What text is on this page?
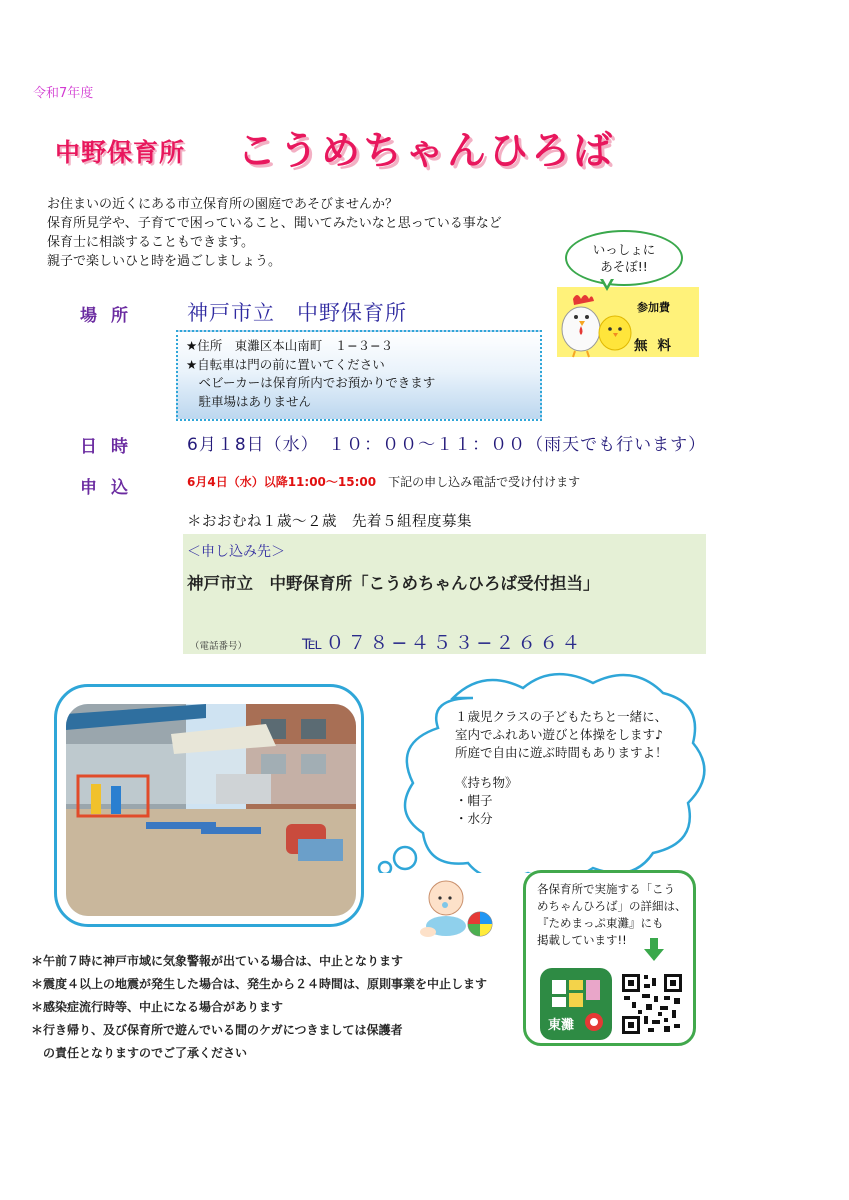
令和7年度
中野保育所 こうめちゃんひろば
お住まいの近くにある市立保育所の園庭であそびませんか？
保育所見学や、子育てで困っていること、聞いてみたいなと思っている事など
保育士に相談することもできます。
親子で楽しいひと時を過ごしましょう。
いっしょに
あそぼ!!
参加費
無料
場所 神戸市立　中野保育所
★住所　東灘区本山南町　１−３−３
★自転車は門の前に置いてください
　ベビーカーは保育所内でお預かりできます
　駐車場はありません
日時	6月１8日（水）　１０：００〜１１：００（雨天でも行います）
申込	6月4日（水）以降11:00〜15:00　下記の申し込み電話で受け付けます
＊おおむね１歳〜２歳　先着５組程度募集
＜申し込み先＞
神戸市立　中野保育所「こうめちゃんひろば受付担当」
（電話番号）	℡０７８−４５３−２６６４
１歳児クラスの子どもたちと一緒に、
室内でふれあい遊びと体操をします♪
所庭で自由に遊ぶ時間もありますよ！
《持ち物》
・帽子
・水分
＊午前７時に神戸市域に気象警報が出ている場合は、中止となります
＊震度４以上の地震が発生した場合は、発生から２４時間は、原則事業を中止します
＊感染症流行時等、中止になる場合があります
＊行き帰り、及び保育所で遊んでいる間のケガにつきましては保護者
　の責任となりますのでご了承ください
各保育所で実施する「こう
めちゃんひろば」の詳細は、
『ためまっぷ東灘』にも
掲載しています!!
東灘
